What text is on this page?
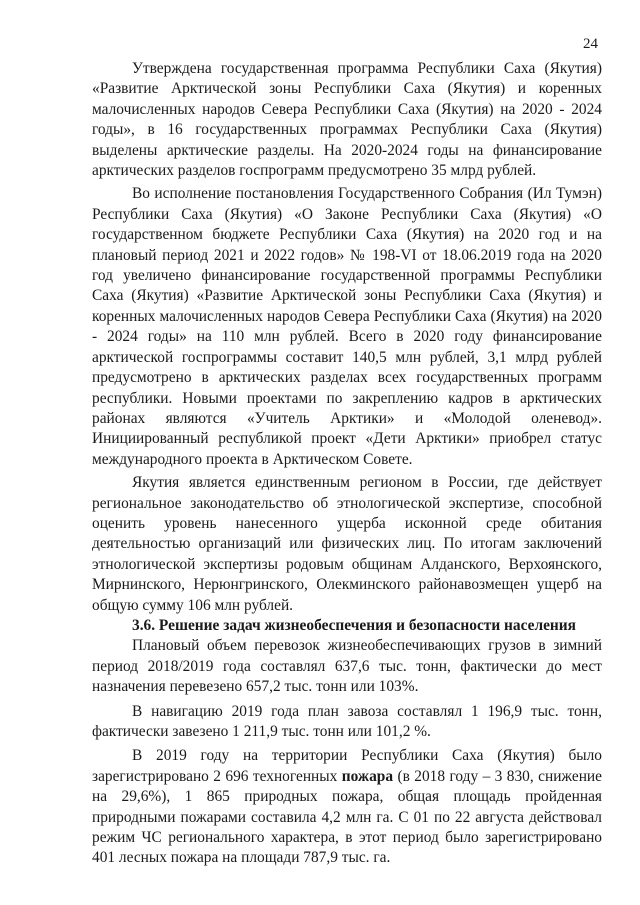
24

Утверждена государственная программа Республики Саха (Якутия) «Развитие Арктической зоны Республики Саха (Якутия) и коренных малочисленных народов Севера Республики Саха (Якутия) на 2020 - 2024 годы», в 16 государственных программах Республики Саха (Якутия) выделены арктические разделы. На 2020-2024 годы на финансирование арктических разделов госпрограмм предусмотрено 35 млрд рублей.

Во исполнение постановления Государственного Собрания (Ил Тумэн) Республики Саха (Якутия) «О Законе Республики Саха (Якутия) «О государственном бюджете Республики Саха (Якутия) на 2020 год и на плановый период 2021 и 2022 годов» № 198-VI от 18.06.2019 года на 2020 год увеличено финансирование государственной программы Республики Саха (Якутия) «Развитие Арктической зоны Республики Саха (Якутия) и коренных малочисленных народов Севера Республики Саха (Якутия) на 2020 - 2024 годы» на 110 млн рублей. Всего в 2020 году финансирование арктической госпрограммы составит 140,5 млн рублей, 3,1 млрд рублей предусмотрено в арктических разделах всех государственных программ республики. Новыми проектами по закреплению кадров в арктических районах являются «Учитель Арктики» и «Молодой оленевод». Инициированный республикой проект «Дети Арктики» приобрел статус международного проекта в Арктическом Совете.

Якутия является единственным регионом в России, где действует региональное законодательство об этнологической экспертизе, способной оценить уровень нанесенного ущерба исконной среде обитания деятельностью организаций или физических лиц. По итогам заключений этнологической экспертизы родовым общинам Алданского, Верхоянского, Мирнинского, Нерюнгринского, Олекминского районавозмещен ущерб на общую сумму 106 млн рублей.

3.6. Решение задач жизнеобеспечения и безопасности населения

Плановый объем перевозок жизнеобеспечивающих грузов в зимний период 2018/2019 года составлял 637,6 тыс. тонн, фактически до мест назначения перевезено 657,2 тыс. тонн или 103%.

В навигацию 2019 года план завоза составлял 1 196,9 тыс. тонн, фактически завезено 1 211,9 тыс. тонн или 101,2 %.

В 2019 году на территории Республики Саха (Якутия) было зарегистрировано 2 696 техногенных пожара (в 2018 году – 3 830, снижение на 29,6%), 1 865 природных пожара, общая площадь пройденная природными пожарами составила 4,2 млн га. С 01 по 22 августа действовал режим ЧС регионального характера, в этот период было зарегистрировано 401 лесных пожара на площади 787,9 тыс. га.
